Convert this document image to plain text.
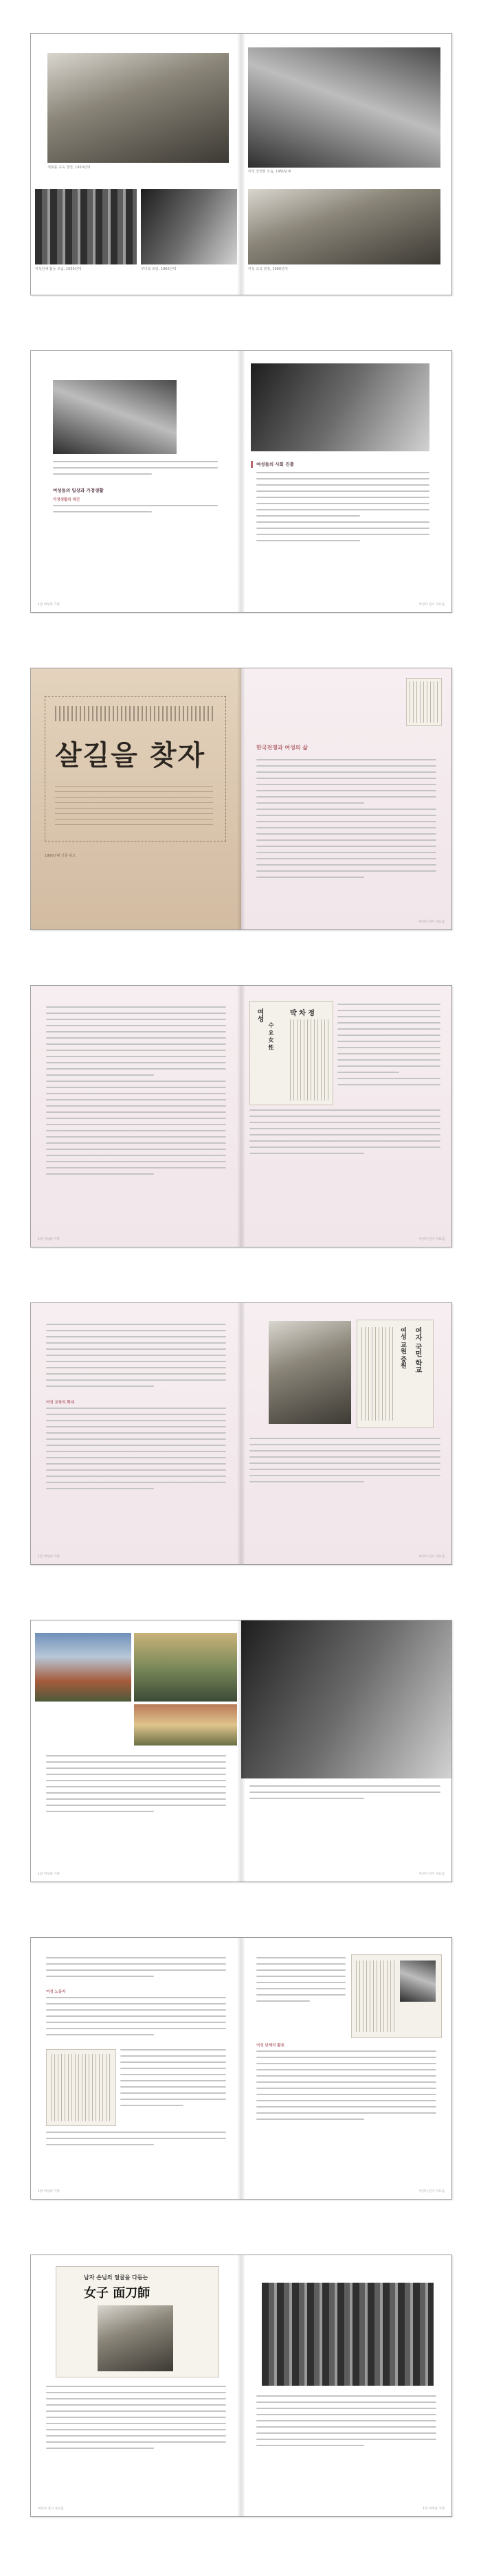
재봉틀 교육 장면, 1950년대
여성단체 활동 모습, 1950년대	부녀회 모임, 1960년대
여성 강연회 모습, 1950년대
여성 교육 현장, 1960년대
여성들의 일상과 가정생활
가정생활의 재건
1장 여성과 가정
여성들의 사회 진출
여성사 전시 자료집
살길을 찾자
1950년대 신문 광고
한국전쟁과 여성의 삶
여성사 전시 자료집
1장 여성과 가정
여성
수 요 女 性
박 차 정
여성사 전시 자료집
여성 교육의 확대
1장 여성과 가정
여자 국민 학교
여성 교원 증원
여성사 전시 자료집
1장 여성과 가정	여성사 전시 자료집
여성 노동자
1장 여성과 가정
여성 단체의 활동
여성사 전시 자료집
남자 손님의 얼굴을 다듬는
女子 面刀師
여성사 전시 자료집	1장 여성과 가정
